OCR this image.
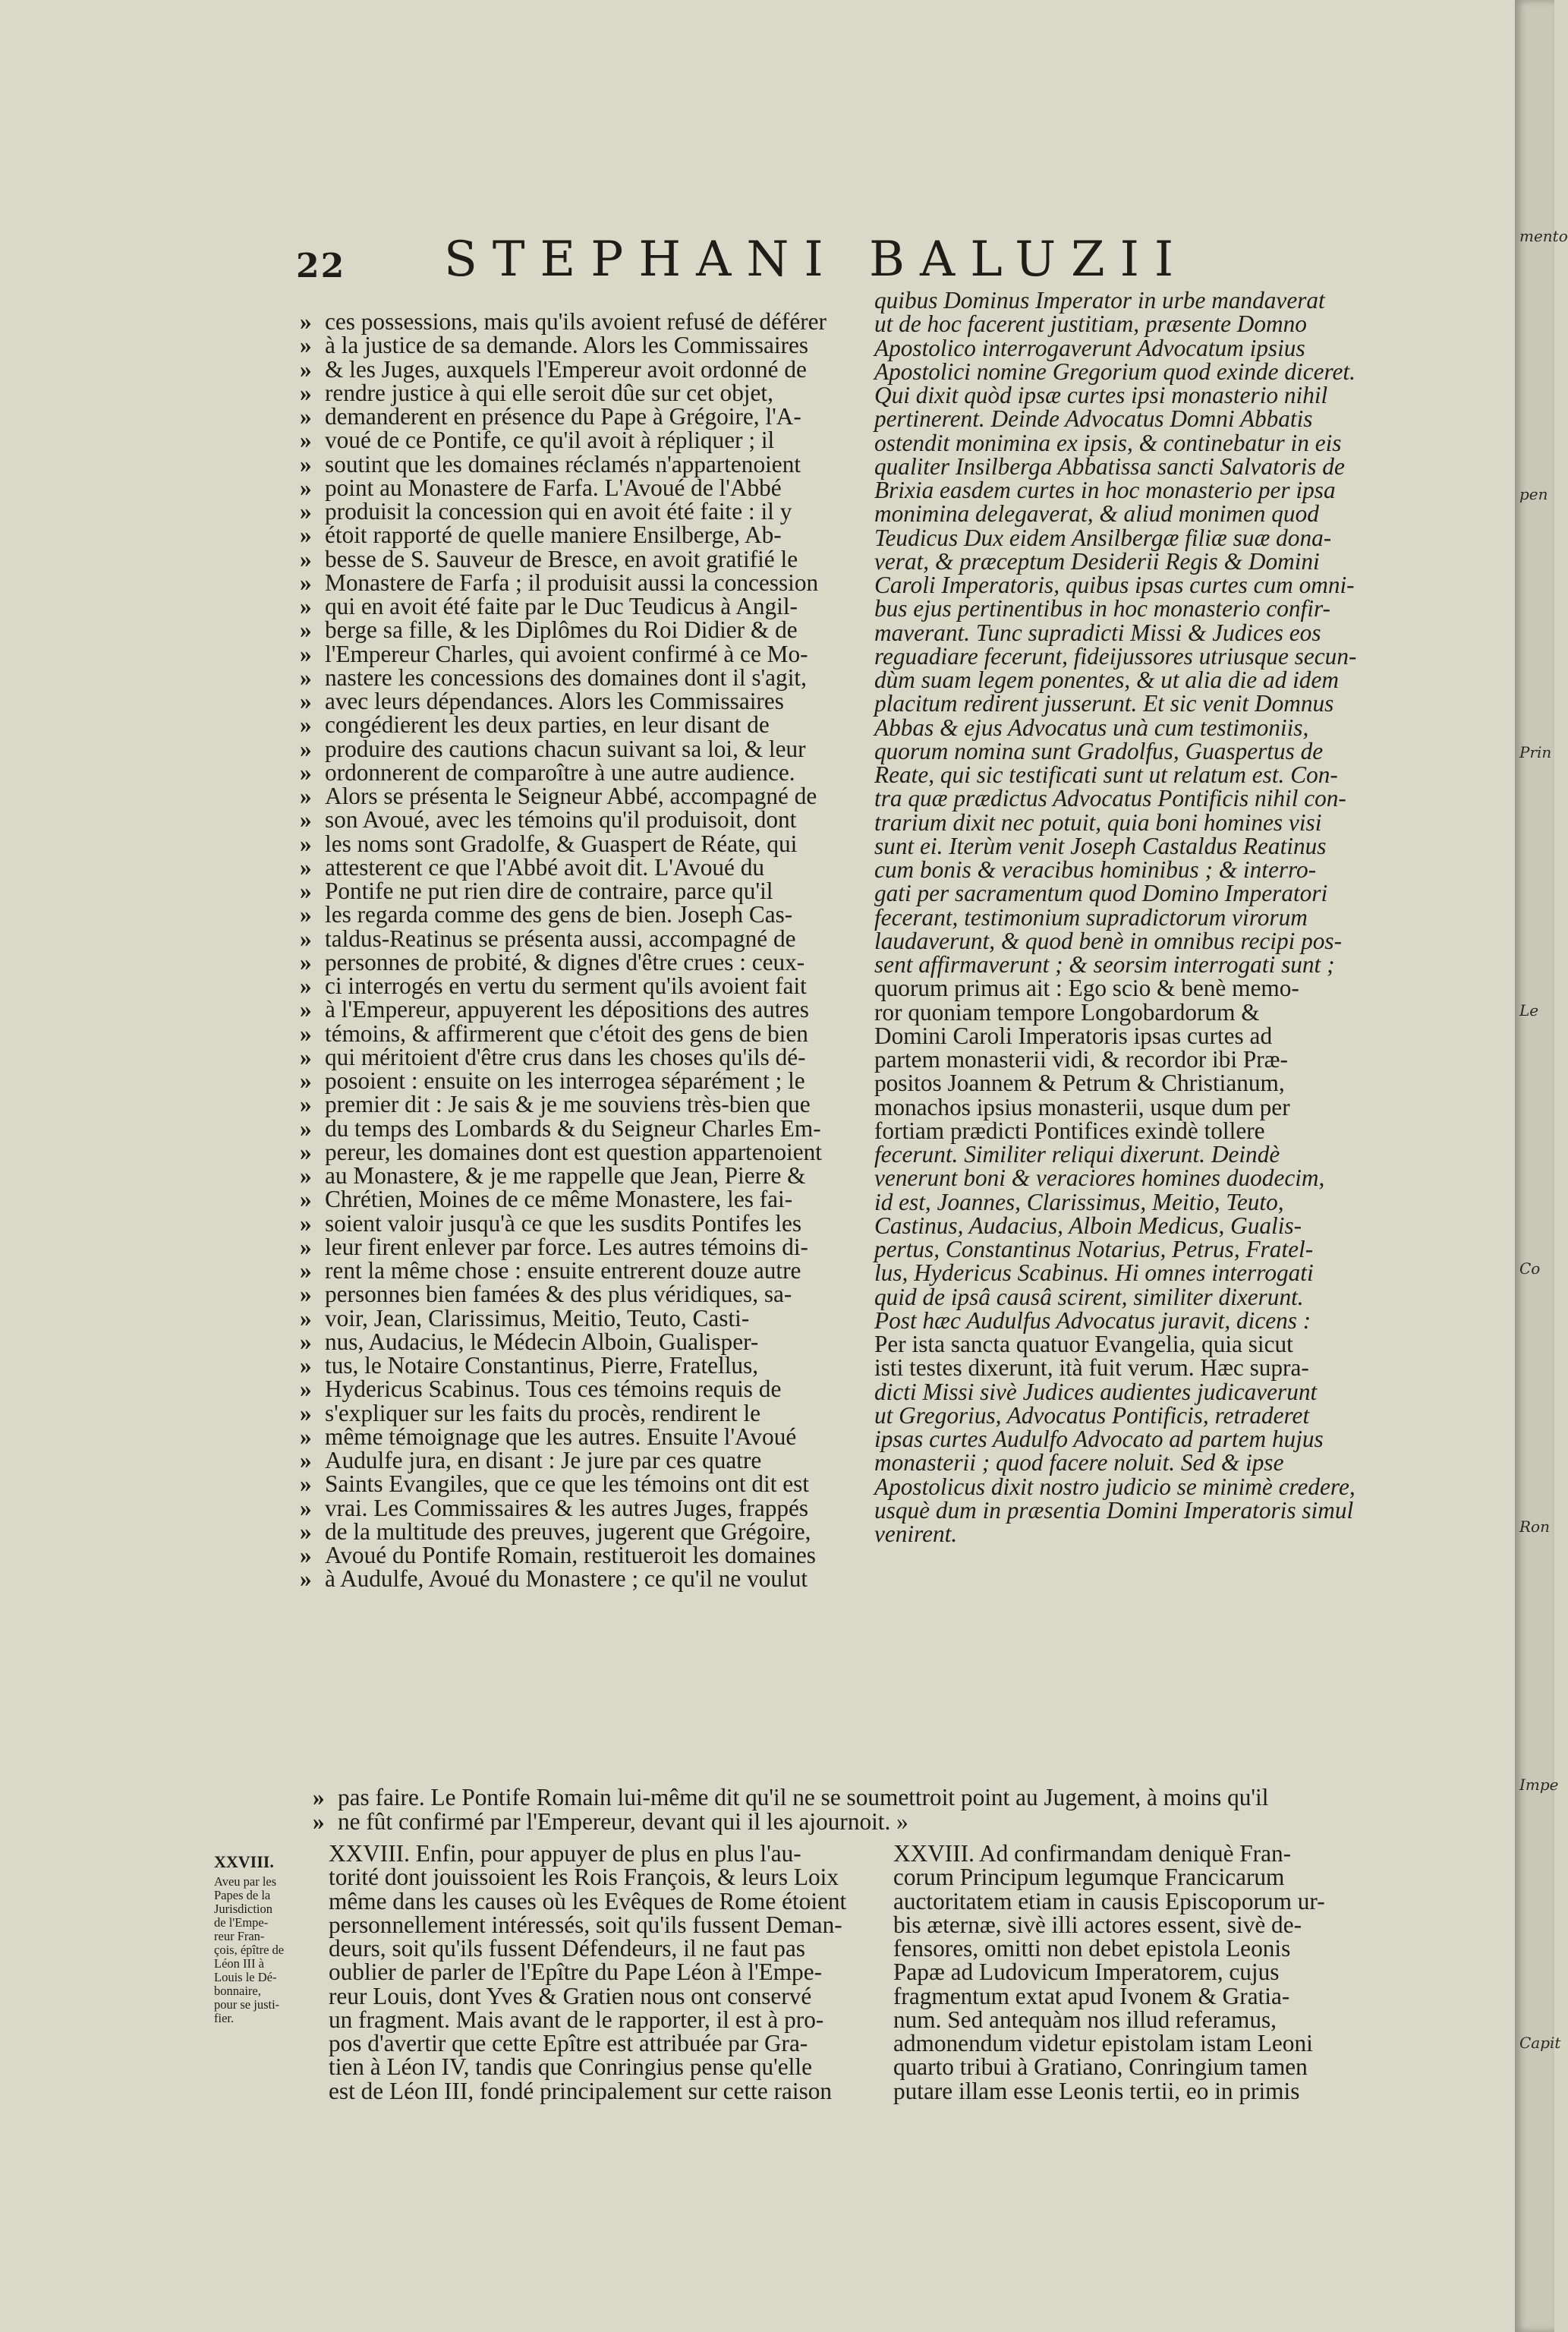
22 STEPHANI BALUZII
» ces possessions, mais qu'ils avoient refusé de déférer
» à la justice de sa demande. Alors les Commissaires
» & les Juges, auxquels l'Empereur avoit ordonné de
» rendre justice à qui elle seroit dûe sur cet objet,
» demanderent en présence du Pape à Grégoire, l'A-
» voué de ce Pontife, ce qu'il avoit à répliquer ; il
» soutint que les domaines réclamés n'appartenoient
» point au Monastere de Farfa. L'Avoué de l'Abbé
» produisit la concession qui en avoit été faite : il y
» étoit rapporté de quelle maniere Ensilberge, Ab-
» besse de S. Sauveur de Bresce, en avoit gratifié le
» Monastere de Farfa ; il produisit aussi la concession
» qui en avoit été faite par le Duc Teudicus à Angil-
» berge sa fille, & les Diplômes du Roi Didier & de
» l'Empereur Charles, qui avoient confirmé à ce Mo-
» nastere les concessions des domaines dont il s'agit,
» avec leurs dépendances. Alors les Commissaires
» congédierent les deux parties, en leur disant de
» produire des cautions chacun suivant sa loi, & leur
» ordonnerent de comparoître à une autre audience.
» Alors se présenta le Seigneur Abbé, accompagné de
» son Avoué, avec les témoins qu'il produisoit, dont
» les noms sont Gradolfe, & Guaspert de Réate, qui
» attesterent ce que l'Abbé avoit dit. L'Avoué du
» Pontife ne put rien dire de contraire, parce qu'il
» les regarda comme des gens de bien. Joseph Cas-
» taldus-Reatinus se présenta aussi, accompagné de
» personnes de probité, & dignes d'être crues : ceux-
» ci interrogés en vertu du serment qu'ils avoient fait
» à l'Empereur, appuyerent les dépositions des autres
» témoins, & affirmerent que c'étoit des gens de bien
» qui méritoient d'être crus dans les choses qu'ils dé-
» posoient : ensuite on les interrogea séparément ; le
» premier dit : Je sais & je me souviens très-bien que
» du temps des Lombards & du Seigneur Charles Em-
» pereur, les domaines dont est question appartenoient
» au Monastere, & je me rappelle que Jean, Pierre &
» Chrétien, Moines de ce même Monastere, les fai-
» soient valoir jusqu'à ce que les susdits Pontifes les
» leur firent enlever par force. Les autres témoins di-
» rent la même chose : ensuite entrerent douze autre
» personnes bien famées & des plus véridiques, sa-
» voir, Jean, Clarissimus, Meitio, Teuto, Casti-
» nus, Audacius, le Médecin Alboin, Gualisper-
» tus, le Notaire Constantinus, Pierre, Fratellus,
» Hydericus Scabinus. Tous ces témoins requis de
» s'expliquer sur les faits du procès, rendirent le
» même témoignage que les autres. Ensuite l'Avoué
» Audulfe jura, en disant : Je jure par ces quatre
» Saints Evangiles, que ce que les témoins ont dit est
» vrai. Les Commissaires & les autres Juges, frappés
» de la multitude des preuves, jugerent que Grégoire,
» Avoué du Pontife Romain, restitueroit les domaines
» à Audulfe, Avoué du Monastere ; ce qu'il ne voulut
quibus Dominus Imperator in urbe mandaverat
ut de hoc facerent justitiam, præsente Domno
Apostolico interrogaverunt Advocatum ipsius
Apostolici nomine Gregorium quod exinde diceret.
Qui dixit quòd ipsæ curtes ipsi monasterio nihil
pertinerent. Deinde Advocatus Domni Abbatis
ostendit monimina ex ipsis, & continebatur in eis
qualiter Insilberga Abbatissa sancti Salvatoris de
Brixia easdem curtes in hoc monasterio per ipsa
monimina delegaverat, & aliud monimen quod
Teudicus Dux eidem Ansilbergæ filiæ suæ dona-
verat, & præceptum Desiderii Regis & Domini
Caroli Imperatoris, quibus ipsas curtes cum omni-
bus ejus pertinentibus in hoc monasterio confir-
maverant. Tunc supradicti Missi & Judices eos
reguadiare fecerunt, fideijussores utriusque secun-
dùm suam legem ponentes, & ut alia die ad idem
placitum redirent jusserunt. Et sic venit Domnus
Abbas & ejus Advocatus unà cum testimoniis,
quorum nomina sunt Gradolfus, Guaspertus de
Reate, qui sic testificati sunt ut relatum est. Con-
tra quæ prædictus Advocatus Pontificis nihil con-
trarium dixit nec potuit, quia boni homines visi
sunt ei. Iterùm venit Joseph Castaldus Reatinus
cum bonis & veracibus hominibus ; & interro-
gati per sacramentum quod Domino Imperatori
fecerant, testimonium supradictorum virorum
laudaverunt, & quod benè in omnibus recipi pos-
sent affirmaverunt ; & seorsim interrogati sunt ;
quorum primus ait : Ego scio & benè memo-
ror quoniam tempore Longobardorum &
Domini Caroli Imperatoris ipsas curtes ad
partem monasterii vidi, & recordor ibi Præ-
positos Joannem & Petrum & Christianum,
monachos ipsius monasterii, usque dum per
fortiam prædicti Pontifices exindè tollere
fecerunt. Similiter reliqui dixerunt. Deindè
venerunt boni & veraciores homines duodecim,
id est, Joannes, Clarissimus, Meitio, Teuto,
Castinus, Audacius, Alboin Medicus, Gualis-
pertus, Constantinus Notarius, Petrus, Fratel-
lus, Hydericus Scabinus. Hi omnes interrogati
quid de ipsâ causâ scirent, similiter dixerunt.
Post hæc Audulfus Advocatus juravit, dicens :
Per ista sancta quatuor Evangelia, quia sicut
isti testes dixerunt, ità fuit verum. Hæc supra-
dicti Missi sivè Judices audientes judicaverunt
ut Gregorius, Advocatus Pontificis, retraderet
ipsas curtes Audulfo Advocato ad partem hujus
monasterii ; quod facere noluit. Sed & ipse
Apostolicus dixit nostro judicio se minimè credere,
usquè dum in præsentia Domini Imperatoris simul
venirent.
» pas faire. Le Pontife Romain lui-même dit qu'il ne se soumettroit point au Jugement, à moins qu'il
» ne fût confirmé par l'Empereur, devant qui il les ajournoit. »
XXVIII.
Aveu par les
Papes de la
Jurisdiction
de l'Empe-
reur Fran-
çois, épître de
Léon III à
Louis le Dé-
bonnaire,
pour se justi-
fier.
XXVIII. Enfin, pour appuyer de plus en plus l'au-
torité dont jouissoient les Rois François, & leurs Loix
même dans les causes où les Evêques de Rome étoient
personnellement intéressés, soit qu'ils fussent Deman-
deurs, soit qu'ils fussent Défendeurs, il ne faut pas
oublier de parler de l'Epître du Pape Léon à l'Empe-
reur Louis, dont Yves & Gratien nous ont conservé
un fragment. Mais avant de le rapporter, il est à pro-
pos d'avertir que cette Epître est attribuée par Gra-
tien à Léon IV, tandis que Conringius pense qu'elle
est de Léon III, fondé principalement sur cette raison
XXVIII. Ad confirmandam deniquè Fran-
corum Principum legumque Francicarum
auctoritatem etiam in causis Episcoporum ur-
bis æternæ, sivè illi actores essent, sivè de-
fensores, omitti non debet epistola Leonis
Papæ ad Ludovicum Imperatorem, cujus
fragmentum extat apud Ivonem & Gratia-
num. Sed antequàm nos illud referamus,
admonendum videtur epistolam istam Leoni
quarto tribui à Gratiano, Conringium tamen
putare illam esse Leonis tertii, eo in primis
mento
pen
Prin
Le
Co
Ron
Impe
Capit
